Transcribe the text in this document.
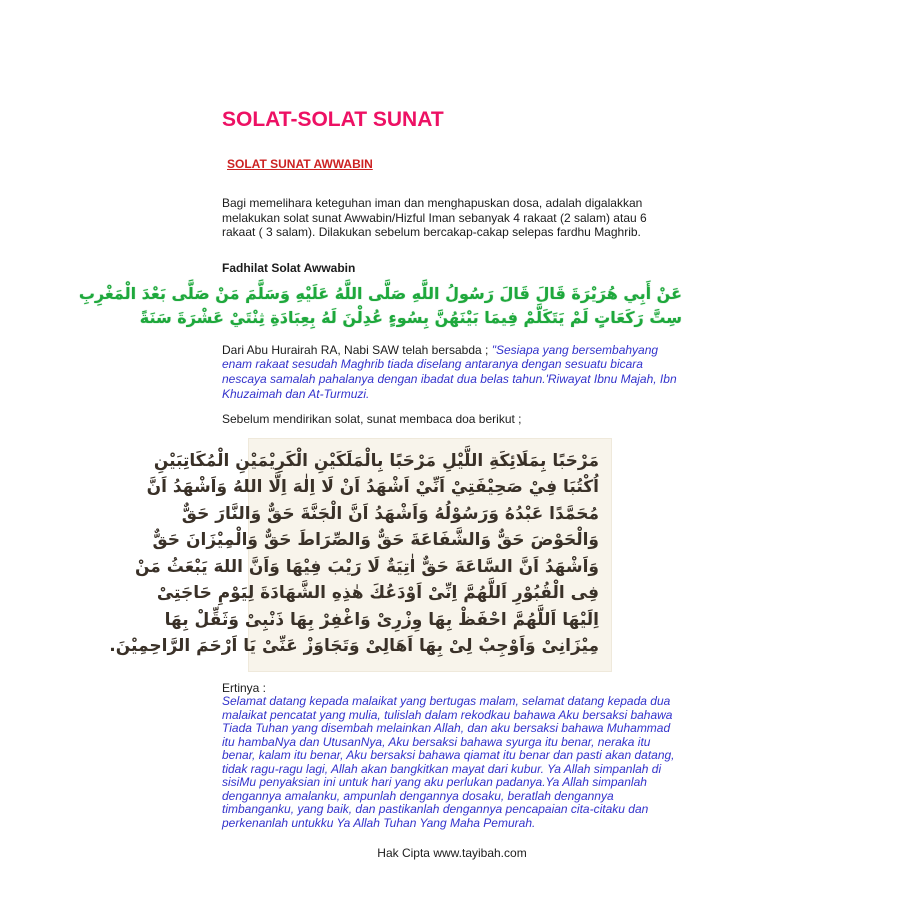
SOLAT-SOLAT SUNAT
SOLAT SUNAT AWWABIN

Bagi memelihara keteguhan iman dan menghapuskan dosa, adalah digalakkan melakukan solat sunat Awwabin/Hizful Iman sebanyak 4 rakaat (2 salam) atau 6 rakaat ( 3 salam). Dilakukan sebelum bercakap-cakap selepas fardhu Maghrib.

Fadhilat Solat Awwabin
عَنْ أَبِي هُرَيْرَةَ قَالَ قَالَ رَسُولُ اللَّهِ صَلَّى اللَّهُ عَلَيْهِ وَسَلَّمَ مَنْ صَلَّى بَعْدَ الْمَغْرِبِ
سِتَّ رَكَعَاتٍ لَمْ يَتَكَلَّمْ فِيمَا بَيْنَهُنَّ بِسُوءٍ عُدِلْنَ لَهُ بِعِبَادَةِ ثِنْتَيْ عَشْرَةَ سَنَةً

Dari Abu Hurairah RA, Nabi SAW telah bersabda ; "Sesiapa yang bersembahyang enam rakaat sesudah Maghrib tiada diselang antaranya dengan sesuatu bicara nescaya samalah pahalanya dengan ibadat dua belas tahun.'Riwayat Ibnu Majah, Ibn Khuzaimah dan At-Turmuzi.

Sebelum mendirikan solat, sunat membaca doa berikut ;

مَرْحَبًا بِمَلَائِكَةِ اللَّيْلِ مَرْحَبًا بِالْمَلَكَيْنِ الْكَرِيْمَيْنِ الْمُكَاتِبَيْنِ
اُكْتُبَا فِيْ صَحِيْفَتِيْ اَنِّيْ اَشْهَدُ اَنْ لَا اِلٰهَ اِلَّا اللهُ وَاَشْهَدُ اَنَّ
مُحَمَّدًا عَبْدُهُ وَرَسُوْلُهُ وَاَشْهَدُ اَنَّ الْجَنَّةَ حَقٌّ وَالنَّارَ حَقٌّ
وَالْحَوْضَ حَقٌّ وَالشَّفَاعَةَ حَقٌّ وَالصِّرَاطَ حَقٌّ وَالْمِيْزَانَ حَقٌّ
وَاَشْهَدُ اَنَّ السَّاعَةَ حَقٌّ اٰتِيَةٌ لَا رَيْبَ فِيْهَا وَاَنَّ اللهَ يَبْعَثُ مَنْ
فِى الْقُبُوْرِ اَللَّهُمَّ اِنِّىْ اَوْدَعُكَ هٰذِهِ الشَّهَادَةَ لِيَوْمِ حَاجَتِىْ
اِلَيْهَا اَللَّهُمَّ احْفَظْ بِهَا وِزْرِىْ وَاغْفِرْ بِهَا ذَنْبِىْ وَثَقِّلْ بِهَا
مِيْزَانِىْ وَاَوْجِبْ لِىْ بِهَا اَهَالِىْ وَتَجَاوَزْ عَنِّىْ يَا اَرْحَمَ الرَّاحِمِيْنَ.

Ertinya :

Selamat datang kepada malaikat yang bertugas malam, selamat datang kepada dua malaikat pencatat yang mulia, tulislah dalam rekodkau bahawa Aku bersaksi bahawa Tiada Tuhan yang disembah melainkan Allah, dan aku bersaksi bahawa Muhammad itu hambaNya dan UtusanNya, Aku bersaksi bahawa syurga itu benar, neraka itu benar, kalam itu benar, Aku bersaksi bahawa qiamat itu benar dan pasti akan datang, tidak ragu-ragu lagi, Allah akan bangkitkan mayat dari kubur. Ya Allah simpanlah di sisiMu penyaksian ini untuk hari yang aku perlukan padanya.Ya Allah simpanlah dengannya amalanku, ampunlah dengannya dosaku, beratlah dengannya timbanganku, yang baik, dan pastikanlah dengannya pencapaian cita-citaku dan perkenanlah untukku Ya Allah Tuhan Yang Maha Pemurah.

Hak Cipta www.tayibah.com
